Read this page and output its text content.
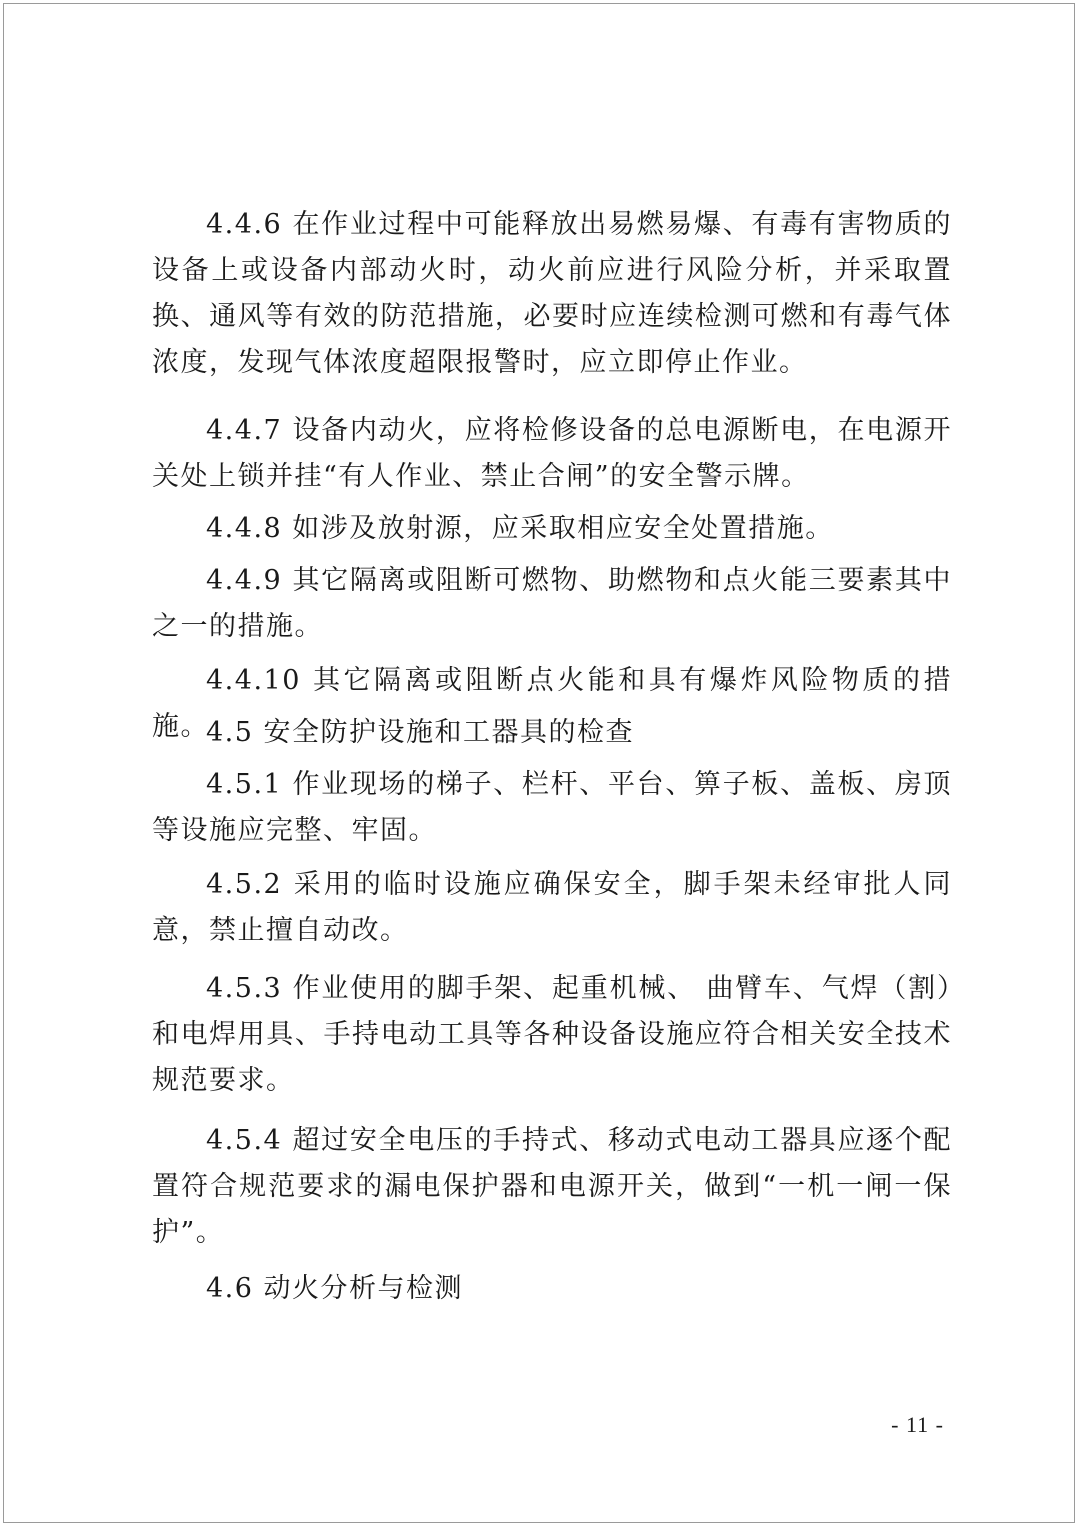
4.4.6 在作业过程中可能释放出易燃易爆、有毒有害物质的设备上或设备内部动火时，动火前应进行风险分析，并采取置换、通风等有效的防范措施，必要时应连续检测可燃和有毒气体浓度，发现气体浓度超限报警时，应立即停止作业。

4.4.7 设备内动火，应将检修设备的总电源断电，在电源开关处上锁并挂“有人作业、禁止合闸”的安全警示牌。

4.4.8 如涉及放射源，应采取相应安全处置措施。

4.4.9 其它隔离或阻断可燃物、助燃物和点火能三要素其中之一的措施。

4.4.10 其它隔离或阻断点火能和具有爆炸风险物质的措施。

4.5 安全防护设施和工器具的检查

4.5.1 作业现场的梯子、栏杆、平台、箅子板、盖板、房顶等设施应完整、牢固。

4.5.2 采用的临时设施应确保安全，脚手架未经审批人同意，禁止擅自动改。

4.5.3 作业使用的脚手架、起重机械、 曲臂车、气焊（割）和电焊用具、手持电动工具等各种设备设施应符合相关安全技术规范要求。

4.5.4 超过安全电压的手持式、移动式电动工器具应逐个配置符合规范要求的漏电保护器和电源开关，做到“一机一闸一保护”。

4.6 动火分析与检测

- 11 -
